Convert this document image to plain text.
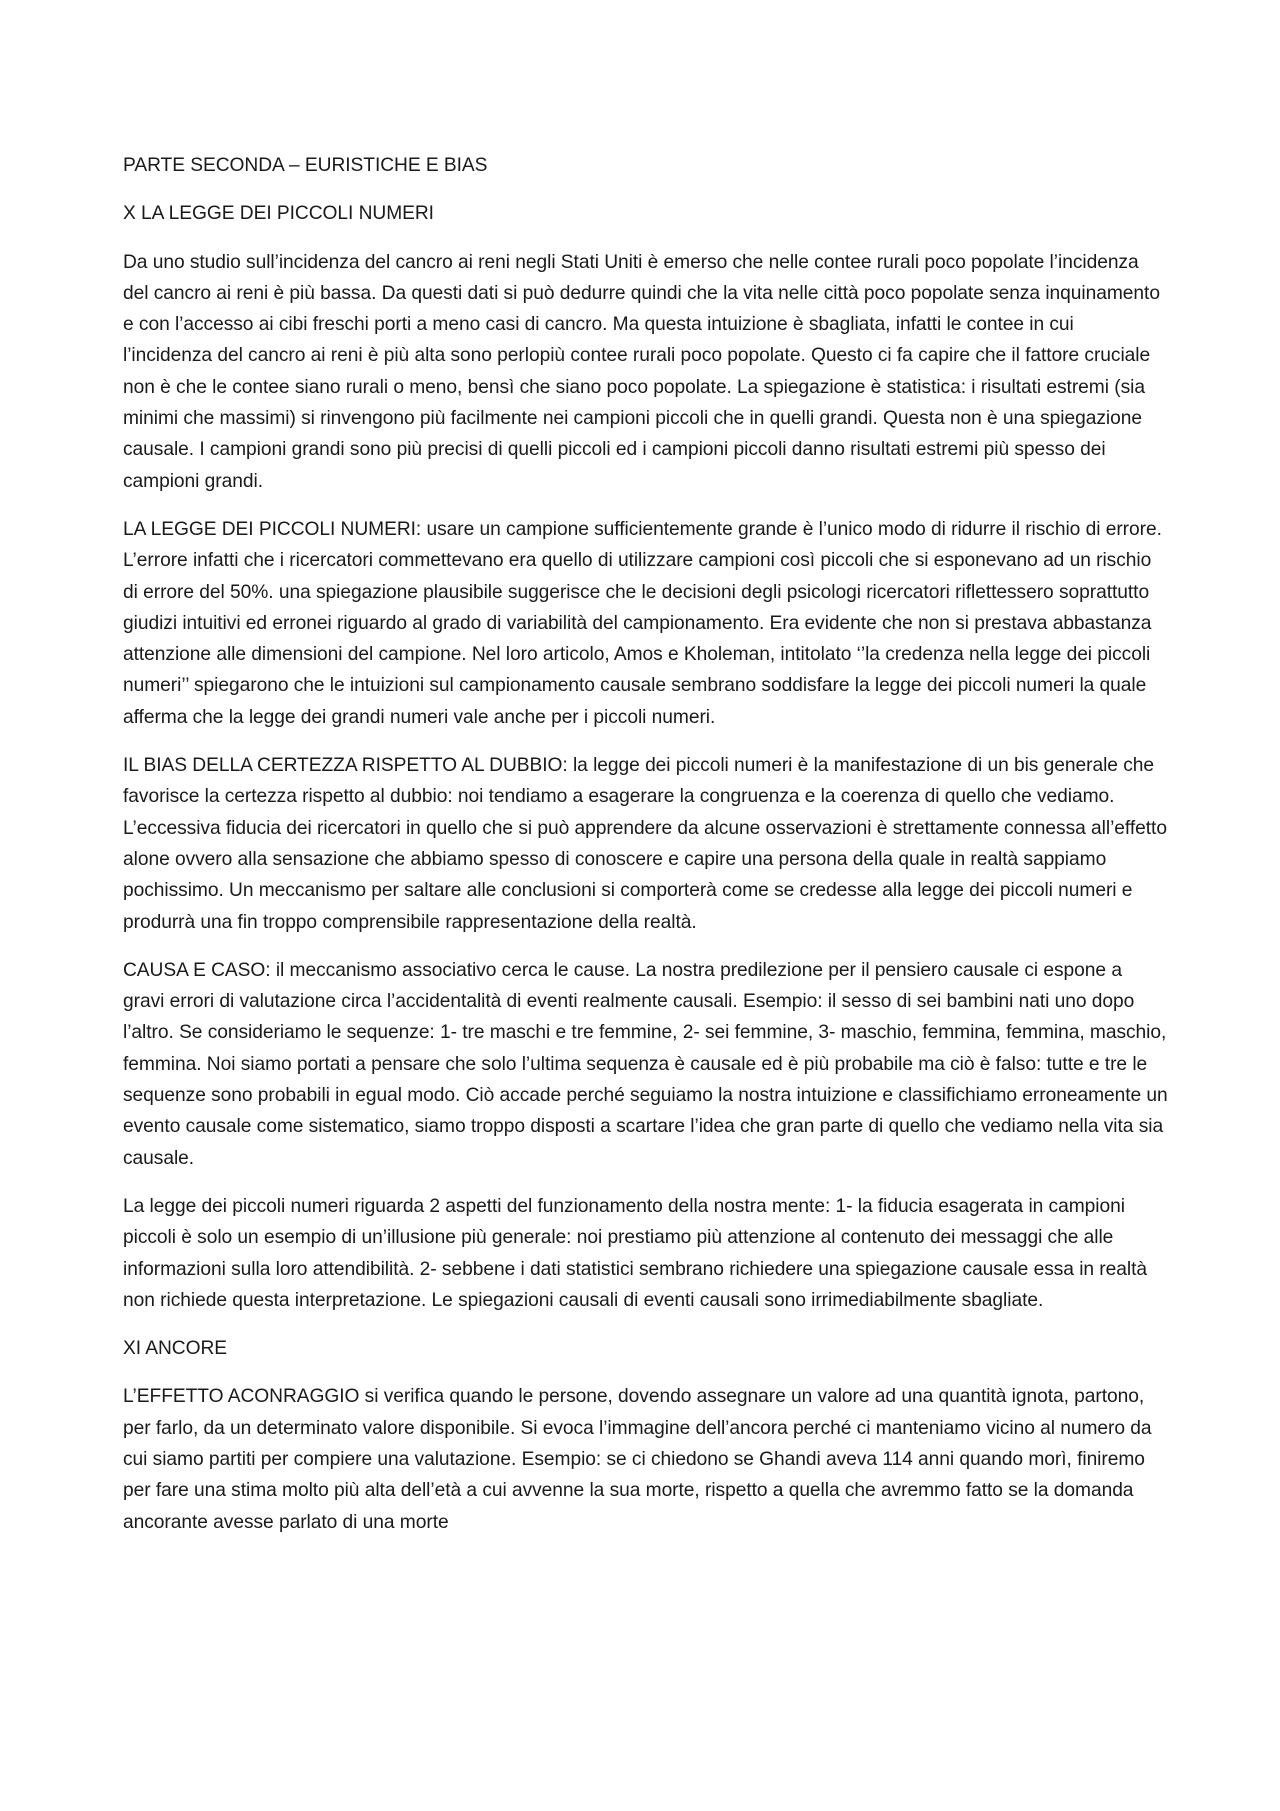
PARTE SECONDA – EURISTICHE E BIAS

X LA LEGGE DEI PICCOLI NUMERI

Da uno studio sull’incidenza del cancro ai reni negli Stati Uniti è emerso che nelle contee rurali poco popolate l’incidenza del cancro ai reni è più bassa. Da questi dati si può dedurre quindi che la vita nelle città poco popolate senza inquinamento e con l’accesso ai cibi freschi porti a meno casi di cancro. Ma questa intuizione è sbagliata, infatti le contee in cui l’incidenza del cancro ai reni è più alta sono perlopiù contee rurali poco popolate. Questo ci fa capire che il fattore cruciale non è che le contee siano rurali o meno, bensì che siano poco popolate. La spiegazione è statistica: i risultati estremi (sia minimi che massimi) si rinvengono più facilmente nei campioni piccoli che in quelli grandi. Questa non è una spiegazione causale. I campioni grandi sono più precisi di quelli piccoli ed i campioni piccoli danno risultati estremi più spesso dei campioni grandi.

LA LEGGE DEI PICCOLI NUMERI: usare un campione sufficientemente grande è l’unico modo di ridurre il rischio di errore. L’errore infatti che i ricercatori commettevano era quello di utilizzare campioni così piccoli che si esponevano ad un rischio di errore del 50%. una spiegazione plausibile suggerisce che le decisioni degli psicologi ricercatori riflettessero soprattutto giudizi intuitivi ed erronei riguardo al grado di variabilità del campionamento. Era evidente che non si prestava abbastanza attenzione alle dimensioni del campione. Nel loro articolo, Amos e Kholeman, intitolato ‘’la credenza nella legge dei piccoli numeri’’ spiegarono che le intuizioni sul campionamento causale sembrano soddisfare la legge dei piccoli numeri la quale afferma che la legge dei grandi numeri vale anche per i piccoli numeri.

IL BIAS DELLA CERTEZZA RISPETTO AL DUBBIO: la legge dei piccoli numeri è la manifestazione di un bis generale che favorisce la certezza rispetto al dubbio: noi tendiamo a esagerare la congruenza e la coerenza di quello che vediamo. L’eccessiva fiducia dei ricercatori in quello che si può apprendere da alcune osservazioni è strettamente connessa all’effetto alone ovvero alla sensazione che abbiamo spesso di conoscere e capire una persona della quale in realtà sappiamo pochissimo. Un meccanismo per saltare alle conclusioni si comporterà come se credesse alla legge dei piccoli numeri e produrrà una fin troppo comprensibile rappresentazione della realtà.

CAUSA E CASO: il meccanismo associativo cerca le cause. La nostra predilezione per il pensiero causale ci espone a gravi errori di valutazione circa l’accidentalità di eventi realmente causali. Esempio: il sesso di sei bambini nati uno dopo l’altro. Se consideriamo le sequenze: 1- tre maschi e tre femmine, 2- sei femmine, 3- maschio, femmina, femmina, maschio, femmina. Noi siamo portati a pensare che solo l’ultima sequenza è causale ed è più probabile ma ciò è falso: tutte e tre le sequenze sono probabili in egual modo. Ciò accade perché seguiamo la nostra intuizione e classifichiamo erroneamente un evento causale come sistematico, siamo troppo disposti a scartare l’idea che gran parte di quello che vediamo nella vita sia causale.

La legge dei piccoli numeri riguarda 2 aspetti del funzionamento della nostra mente: 1- la fiducia esagerata in campioni piccoli è solo un esempio di un’illusione più generale: noi prestiamo più attenzione al contenuto dei messaggi che alle informazioni sulla loro attendibilità. 2- sebbene i dati statistici sembrano richiedere una spiegazione causale essa in realtà non richiede questa interpretazione. Le spiegazioni causali di eventi causali sono irrimediabilmente sbagliate.

XI ANCORE

L’EFFETTO ACONRAGGIO si verifica quando le persone, dovendo assegnare un valore ad una quantità ignota, partono, per farlo, da un determinato valore disponibile. Si evoca l’immagine dell’ancora perché ci manteniamo vicino al numero da cui siamo partiti per compiere una valutazione. Esempio: se ci chiedono se Ghandi aveva 114 anni quando morì, finiremo per fare una stima molto più alta dell’età a cui avvenne la sua morte, rispetto a quella che avremmo fatto se la domanda ancorante avesse parlato di una morte
